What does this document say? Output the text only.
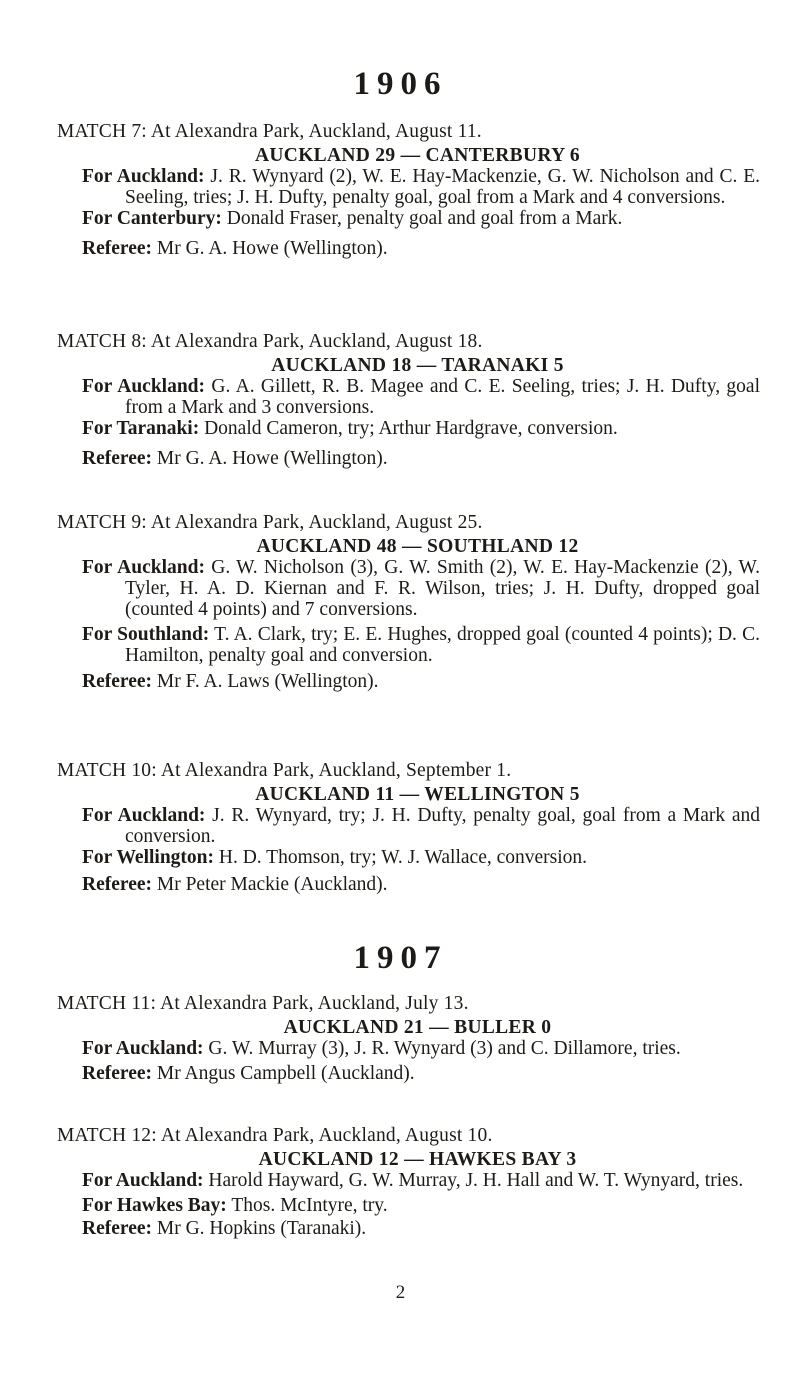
1906
MATCH 7: At Alexandra Park, Auckland, August 11.
AUCKLAND 29 — CANTERBURY 6
For Auckland: J. R. Wynyard (2), W. E. Hay-Mackenzie, G. W. Nicholson and C. E. Seeling, tries; J. H. Dufty, penalty goal, goal from a Mark and 4 conversions.
For Canterbury: Donald Fraser, penalty goal and goal from a Mark.
Referee: Mr G. A. Howe (Wellington).
MATCH 8: At Alexandra Park, Auckland, August 18.
AUCKLAND 18 — TARANAKI 5
For Auckland: G. A. Gillett, R. B. Magee and C. E. Seeling, tries; J. H. Dufty, goal from a Mark and 3 conversions.
For Taranaki: Donald Cameron, try; Arthur Hardgrave, conversion.
Referee: Mr G. A. Howe (Wellington).
MATCH 9: At Alexandra Park, Auckland, August 25.
AUCKLAND 48 — SOUTHLAND 12
For Auckland: G. W. Nicholson (3), G. W. Smith (2), W. E. Hay-Mackenzie (2), W. Tyler, H. A. D. Kiernan and F. R. Wilson, tries; J. H. Dufty, dropped goal (counted 4 points) and 7 conversions.
For Southland: T. A. Clark, try; E. E. Hughes, dropped goal (counted 4 points); D. C. Hamilton, penalty goal and conversion.
Referee: Mr F. A. Laws (Wellington).
MATCH 10: At Alexandra Park, Auckland, September 1.
AUCKLAND 11 — WELLINGTON 5
For Auckland: J. R. Wynyard, try; J. H. Dufty, penalty goal, goal from a Mark and conversion.
For Wellington: H. D. Thomson, try; W. J. Wallace, conversion.
Referee: Mr Peter Mackie (Auckland).
1907
MATCH 11: At Alexandra Park, Auckland, July 13.
AUCKLAND 21 — BULLER 0
For Auckland: G. W. Murray (3), J. R. Wynyard (3) and C. Dillamore, tries.
Referee: Mr Angus Campbell (Auckland).
MATCH 12: At Alexandra Park, Auckland, August 10.
AUCKLAND 12 — HAWKES BAY 3
For Auckland: Harold Hayward, G. W. Murray, J. H. Hall and W. T. Wynyard, tries.
For Hawkes Bay: Thos. McIntyre, try.
Referee: Mr G. Hopkins (Taranaki).
2
